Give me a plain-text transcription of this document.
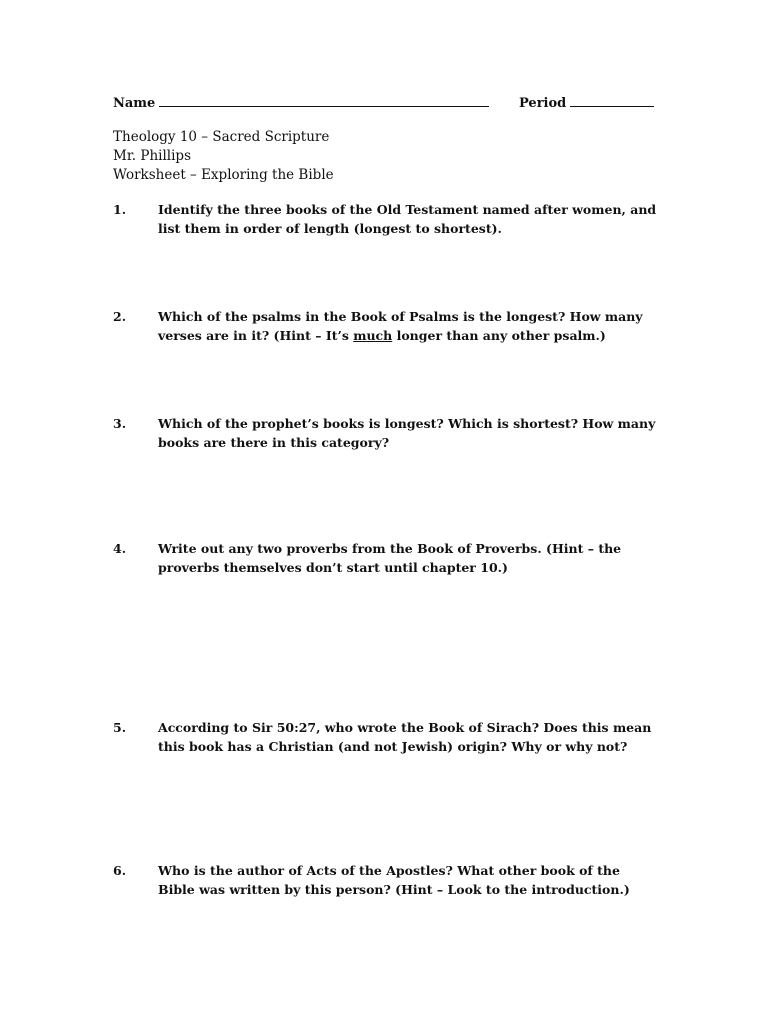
Name	Period
Theology 10 – Sacred Scripture
Mr. Phillips
Worksheet – Exploring the Bible
1.	Identify the three books of the Old Testament named after women, and list them in order of length (longest to shortest).
2.	Which of the psalms in the Book of Psalms is the longest? How many verses are in it? (Hint – It’s much longer than any other psalm.)
3.	Which of the prophet’s books is longest? Which is shortest? How many books are there in this category?
4.	Write out any two proverbs from the Book of Proverbs. (Hint – the proverbs themselves don’t start until chapter 10.)
5.	According to Sir 50:27, who wrote the Book of Sirach? Does this mean this book has a Christian (and not Jewish) origin? Why or why not?
6.	Who is the author of Acts of the Apostles? What other book of the Bible was written by this person? (Hint – Look to the introduction.)
